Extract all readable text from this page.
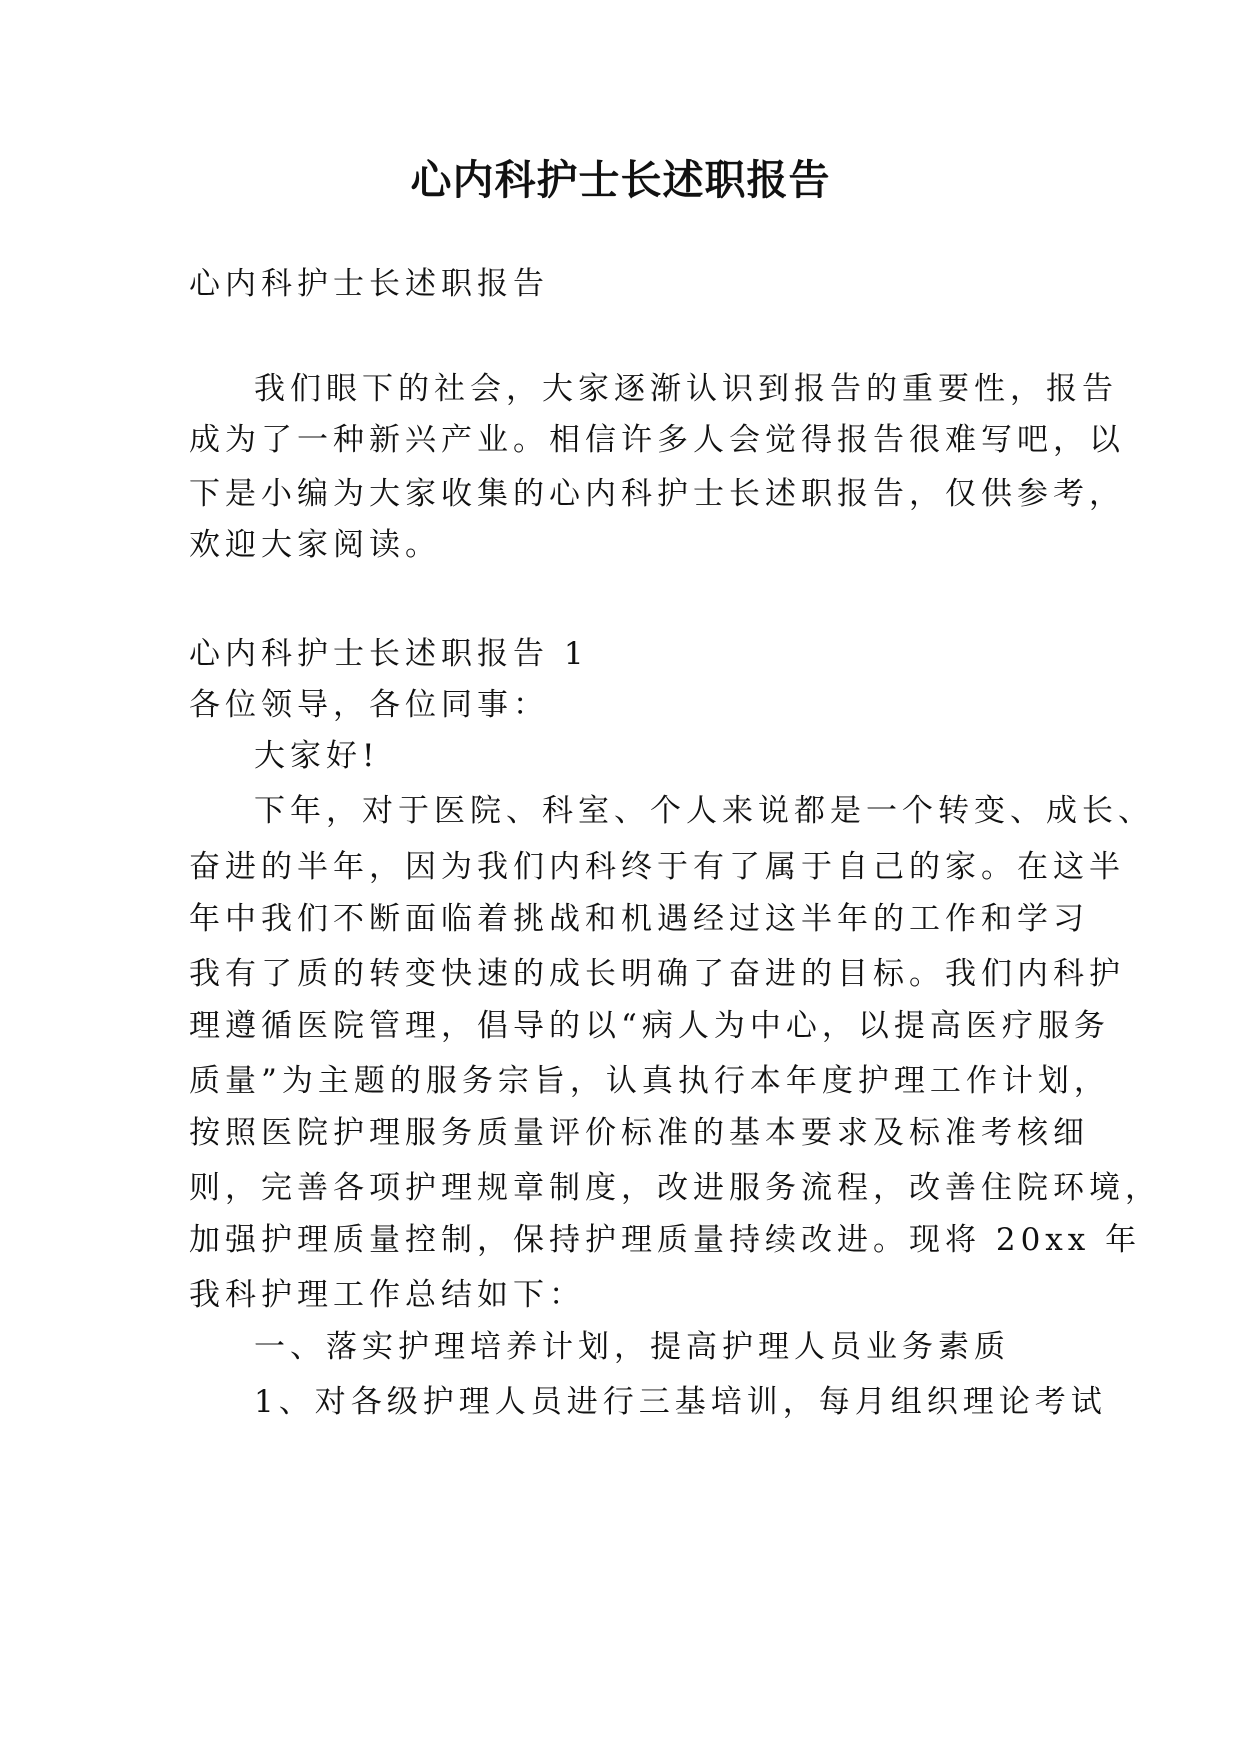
心内科护士长述职报告
心内科护士长述职报告
我们眼下的社会，大家逐渐认识到报告的重要性，报告
成为了一种新兴产业。相信许多人会觉得报告很难写吧，以
下是小编为大家收集的心内科护士长述职报告，仅供参考，
欢迎大家阅读。
心内科护士长述职报告 1
各位领导，各位同事：
大家好!
下年，对于医院、科室、个人来说都是一个转变、成长、
奋进的半年，因为我们内科终于有了属于自己的家。在这半
年中我们不断面临着挑战和机遇经过这半年的工作和学习
我有了质的转变快速的成长明确了奋进的目标。我们内科护
理遵循医院管理，倡导的以“病人为中心，以提高医疗服务
质量”为主题的服务宗旨，认真执行本年度护理工作计划，
按照医院护理服务质量评价标准的基本要求及标准考核细
则，完善各项护理规章制度，改进服务流程，改善住院环境，
加强护理质量控制，保持护理质量持续改进。现将 20xx 年
我科护理工作总结如下：
一、落实护理培养计划，提高护理人员业务素质
1、对各级护理人员进行三基培训，每月组织理论考试
